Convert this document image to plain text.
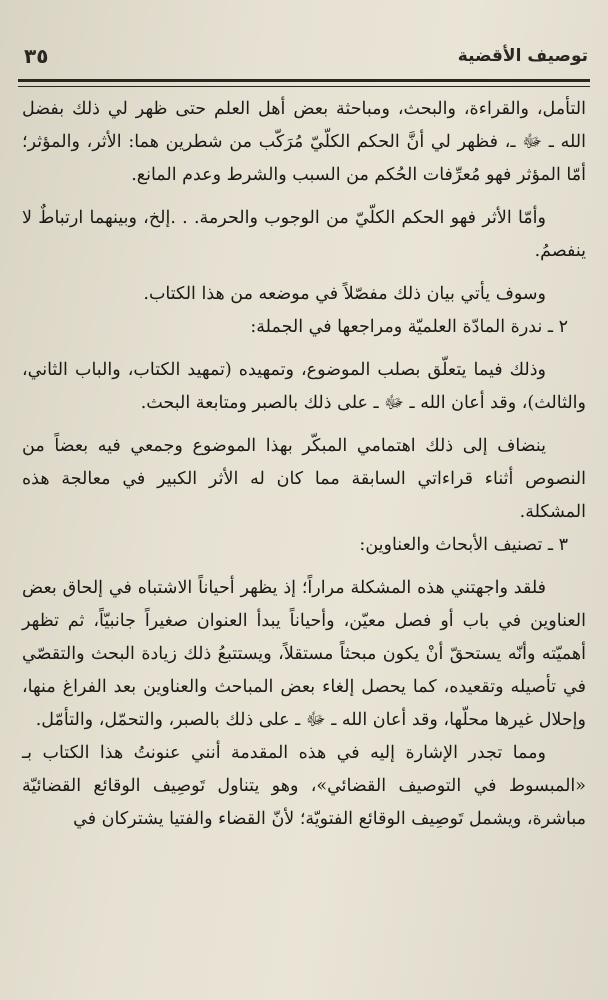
توصيف الأقضية
٣٥

التأمل، والقراءة، والبحث، ومباحثة بعض أهل العلم حتى ظهر لي ذلك بفضل الله ـ ﷻ ـ، فظهر لي أنَّ الحكم الكلّيّ مُرَكّب من شطرين هما: الأثر، والمؤثر؛ أمّا المؤثر فهو مُعرِّفات الحُكم من السبب والشرط وعدم المانع.

وأمّا الأثر فهو الحكم الكلّيّ من الوجوب والحرمة. . .إلخ، وبينهما ارتباطٌ لا ينفصمُ.

وسوف يأتي بيان ذلك مفصّلاً في موضعه من هذا الكتاب.

٢ ـ ندرة المادّة العلميّة ومراجعها في الجملة:

وذلك فيما يتعلّق بصلب الموضوع، وتمهيده (تمهيد الكتاب، والباب الثاني، والثالث)، وقد أعان الله ـ ﷻ ـ على ذلك بالصبر ومتابعة البحث.

ينضاف إلى ذلك اهتمامي المبكّر بهذا الموضوع وجمعي فيه بعضاً من النصوص أثناء قراءاتي السابقة مما كان له الأثر الكبير في معالجة هذه المشكلة.

٣ ـ تصنيف الأبحاث والعناوين:

فلقد واجهتني هذه المشكلة مراراً؛ إذ يظهر أحياناً الاشتباه في إلحاق بعض العناوين في باب أو فصل معيّن، وأحياناً يبدأ العنوان صغيراً جانبيّاً، ثم تظهر أهميّته وأنّه يستحقّ أنْ يكون مبحثاً مستقلاً، ويستتبعُ ذلك زيادة البحث والتقصّي في تأصيله وتقعيده، كما يحصل إلغاء بعض المباحث والعناوين بعد الفراغ منها، وإحلال غيرها محلّها، وقد أعان الله ـ ﷻ ـ على ذلك بالصبر، والتحمّل، والتأمّل.

ومما تجدر الإشارة إليه في هذه المقدمة أنني عنونتُ هذا الكتاب بـ «المبسوط في التوصيف القضائي»، وهو يتناول تَوصِيف الوقائع القضائيّة مباشرة، ويشمل تَوصِيف الوقائع الفتويّة؛ لأنّ القضاء والفتيا يشتركان في
